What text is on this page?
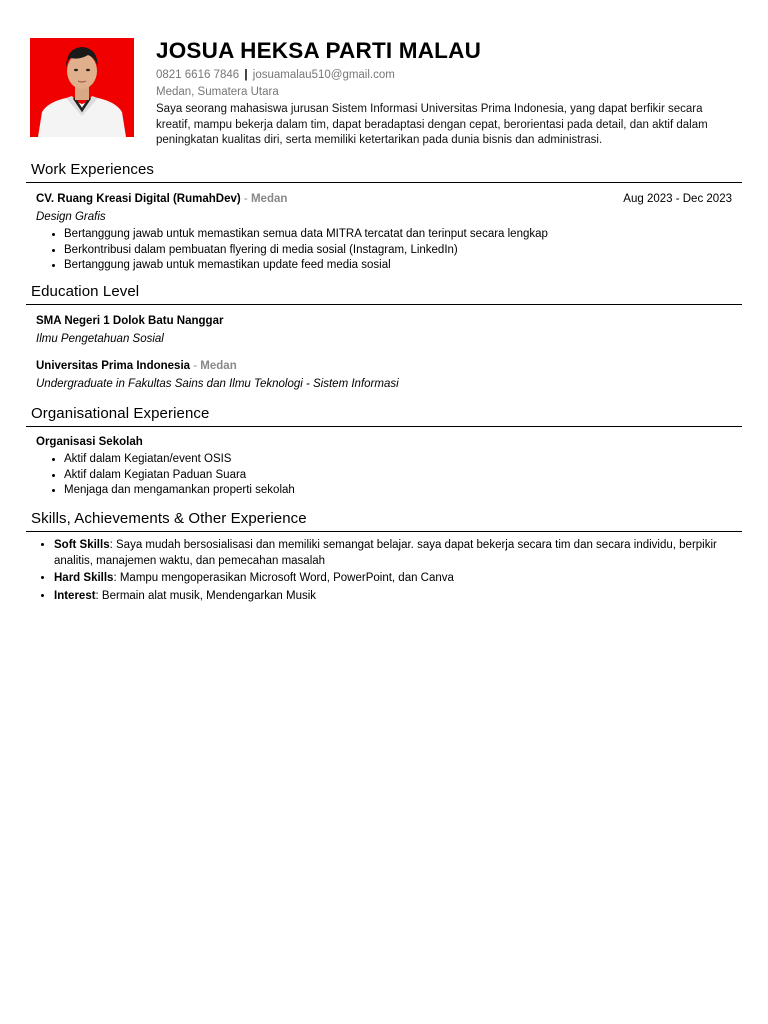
JOSUA HEKSA PARTI MALAU
0821 6616 7846 | josuamalau510@gmail.com
Medan, Sumatera Utara
Saya seorang mahasiswa jurusan Sistem Informasi Universitas Prima Indonesia, yang dapat berfikir secara kreatif, mampu bekerja dalam tim, dapat beradaptasi dengan cepat, berorientasi pada detail, dan aktif dalam peningkatan kualitas diri, serta memiliki ketertarikan pada dunia bisnis dan administrasi.
Work Experiences
CV. Ruang Kreasi Digital (RumahDev) - Medan	Aug 2023 - Dec 2023
Design Grafis
• Bertanggung jawab untuk memastikan semua data MITRA tercatat dan terinput secara lengkap
• Berkontribusi dalam pembuatan flyering di media sosial (Instagram, LinkedIn)
• Bertanggung jawab untuk memastikan update feed media sosial
Education Level
SMA Negeri 1 Dolok Batu Nanggar
Ilmu Pengetahuan Sosial
Universitas Prima Indonesia - Medan
Undergraduate in Fakultas Sains dan Ilmu Teknologi - Sistem Informasi
Organisational Experience
Organisasi Sekolah
• Aktif dalam Kegiatan/event OSIS
• Aktif dalam Kegiatan Paduan Suara
• Menjaga dan mengamankan properti sekolah
Skills, Achievements & Other Experience
• Soft Skills: Saya mudah bersosialisasi dan memiliki semangat belajar. saya dapat bekerja secara tim dan secara individu, berpikir analitis, manajemen waktu, dan pemecahan masalah
• Hard Skills: Mampu mengoperasikan Microsoft Word, PowerPoint, dan Canva
• Interest: Bermain alat musik, Mendengarkan Musik
